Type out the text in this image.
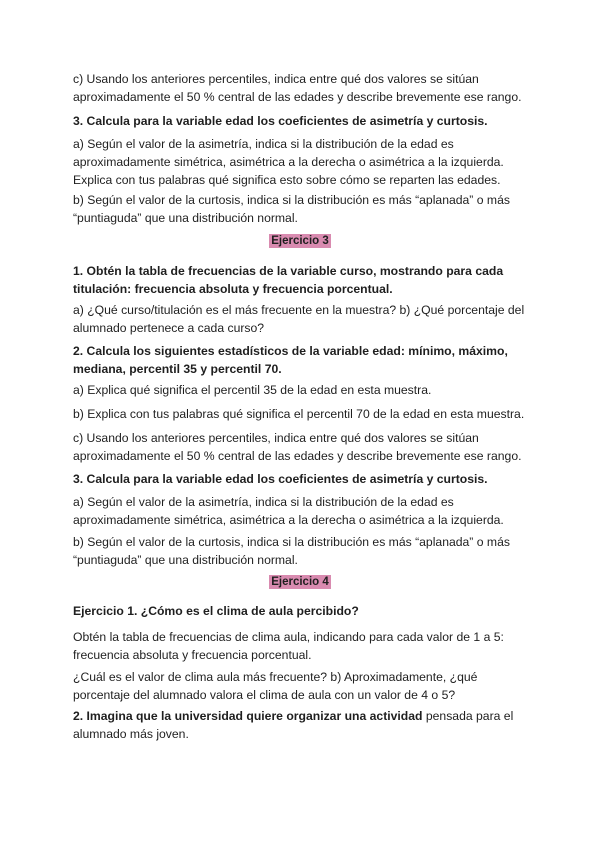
c) Usando los anteriores percentiles, indica entre qué dos valores se sitúan aproximadamente el 50 % central de las edades y describe brevemente ese rango.

3. Calcula para la variable edad los coeficientes de asimetría y curtosis.

a) Según el valor de la asimetría, indica si la distribución de la edad es aproximadamente simétrica, asimétrica a la derecha o asimétrica a la izquierda. Explica con tus palabras qué significa esto sobre cómo se reparten las edades.

b) Según el valor de la curtosis, indica si la distribución es más “aplanada” o más “puntiaguda” que una distribución normal.

Ejercicio 3

1. Obtén la tabla de frecuencias de la variable curso, mostrando para cada titulación: frecuencia absoluta y frecuencia porcentual.

a) ¿Qué curso/titulación es el más frecuente en la muestra? b) ¿Qué porcentaje del alumnado pertenece a cada curso?

2. Calcula los siguientes estadísticos de la variable edad: mínimo, máximo, mediana, percentil 35 y percentil 70.

a) Explica qué significa el percentil 35 de la edad en esta muestra.

b) Explica con tus palabras qué significa el percentil 70 de la edad en esta muestra.

c) Usando los anteriores percentiles, indica entre qué dos valores se sitúan aproximadamente el 50 % central de las edades y describe brevemente ese rango.

3. Calcula para la variable edad los coeficientes de asimetría y curtosis.

a) Según el valor de la asimetría, indica si la distribución de la edad es aproximadamente simétrica, asimétrica a la derecha o asimétrica a la izquierda.

b) Según el valor de la curtosis, indica si la distribución es más “aplanada” o más “puntiaguda” que una distribución normal.

Ejercicio 4

Ejercicio 1. ¿Cómo es el clima de aula percibido?

Obtén la tabla de frecuencias de clima aula, indicando para cada valor de 1 a 5: frecuencia absoluta y frecuencia porcentual.

¿Cuál es el valor de clima aula más frecuente? b) Aproximadamente, ¿qué porcentaje del alumnado valora el clima de aula con un valor de 4 o 5?

2. Imagina que la universidad quiere organizar una actividad pensada para el alumnado más joven.
